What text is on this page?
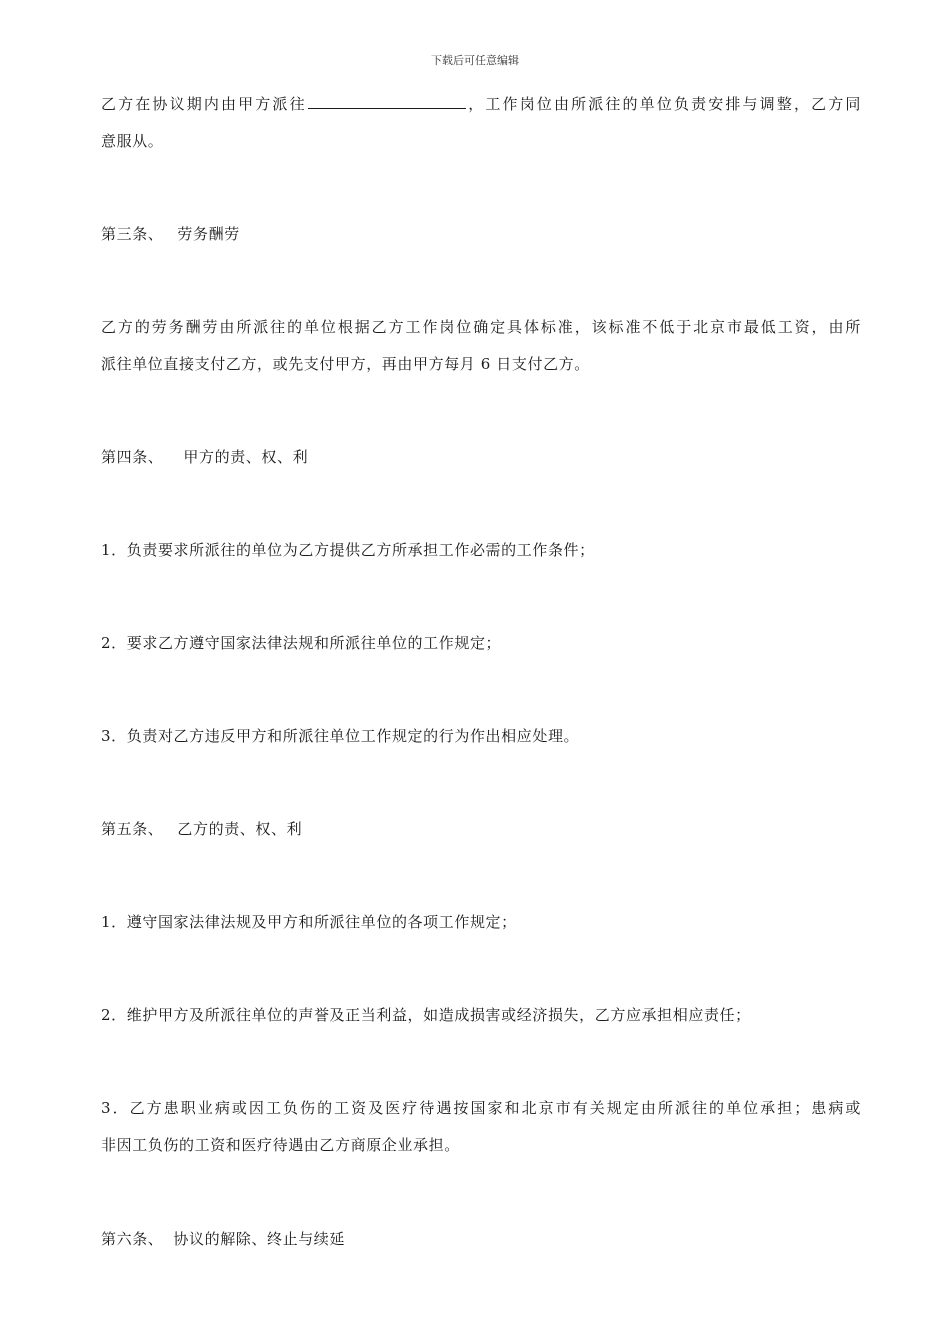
下载后可任意编辑
乙方在协议期内由甲方派往	，工作岗位由所派往的单位负责安排与调整，乙方同
意服从。
第三条、 劳务酬劳
乙方的劳务酬劳由所派往的单位根据乙方工作岗位确定具体标准，该标准不低于北京市最低工资，由所
派往单位直接支付乙方，或先支付甲方，再由甲方每月 6 日支付乙方。
第四条、 甲方的责、权、利
1．负责要求所派往的单位为乙方提供乙方所承担工作必需的工作条件；
2．要求乙方遵守国家法律法规和所派往单位的工作规定；
3．负责对乙方违反甲方和所派往单位工作规定的行为作出相应处理。
第五条、 乙方的责、权、利
1．遵守国家法律法规及甲方和所派往单位的各项工作规定；
2．维护甲方及所派往单位的声誉及正当利益，如造成损害或经济损失，乙方应承担相应责任；
3．乙方患职业病或因工负伤的工资及医疗待遇按国家和北京市有关规定由所派往的单位承担；患病或
非因工负伤的工资和医疗待遇由乙方商原企业承担。
第六条、 协议的解除、终止与续延
